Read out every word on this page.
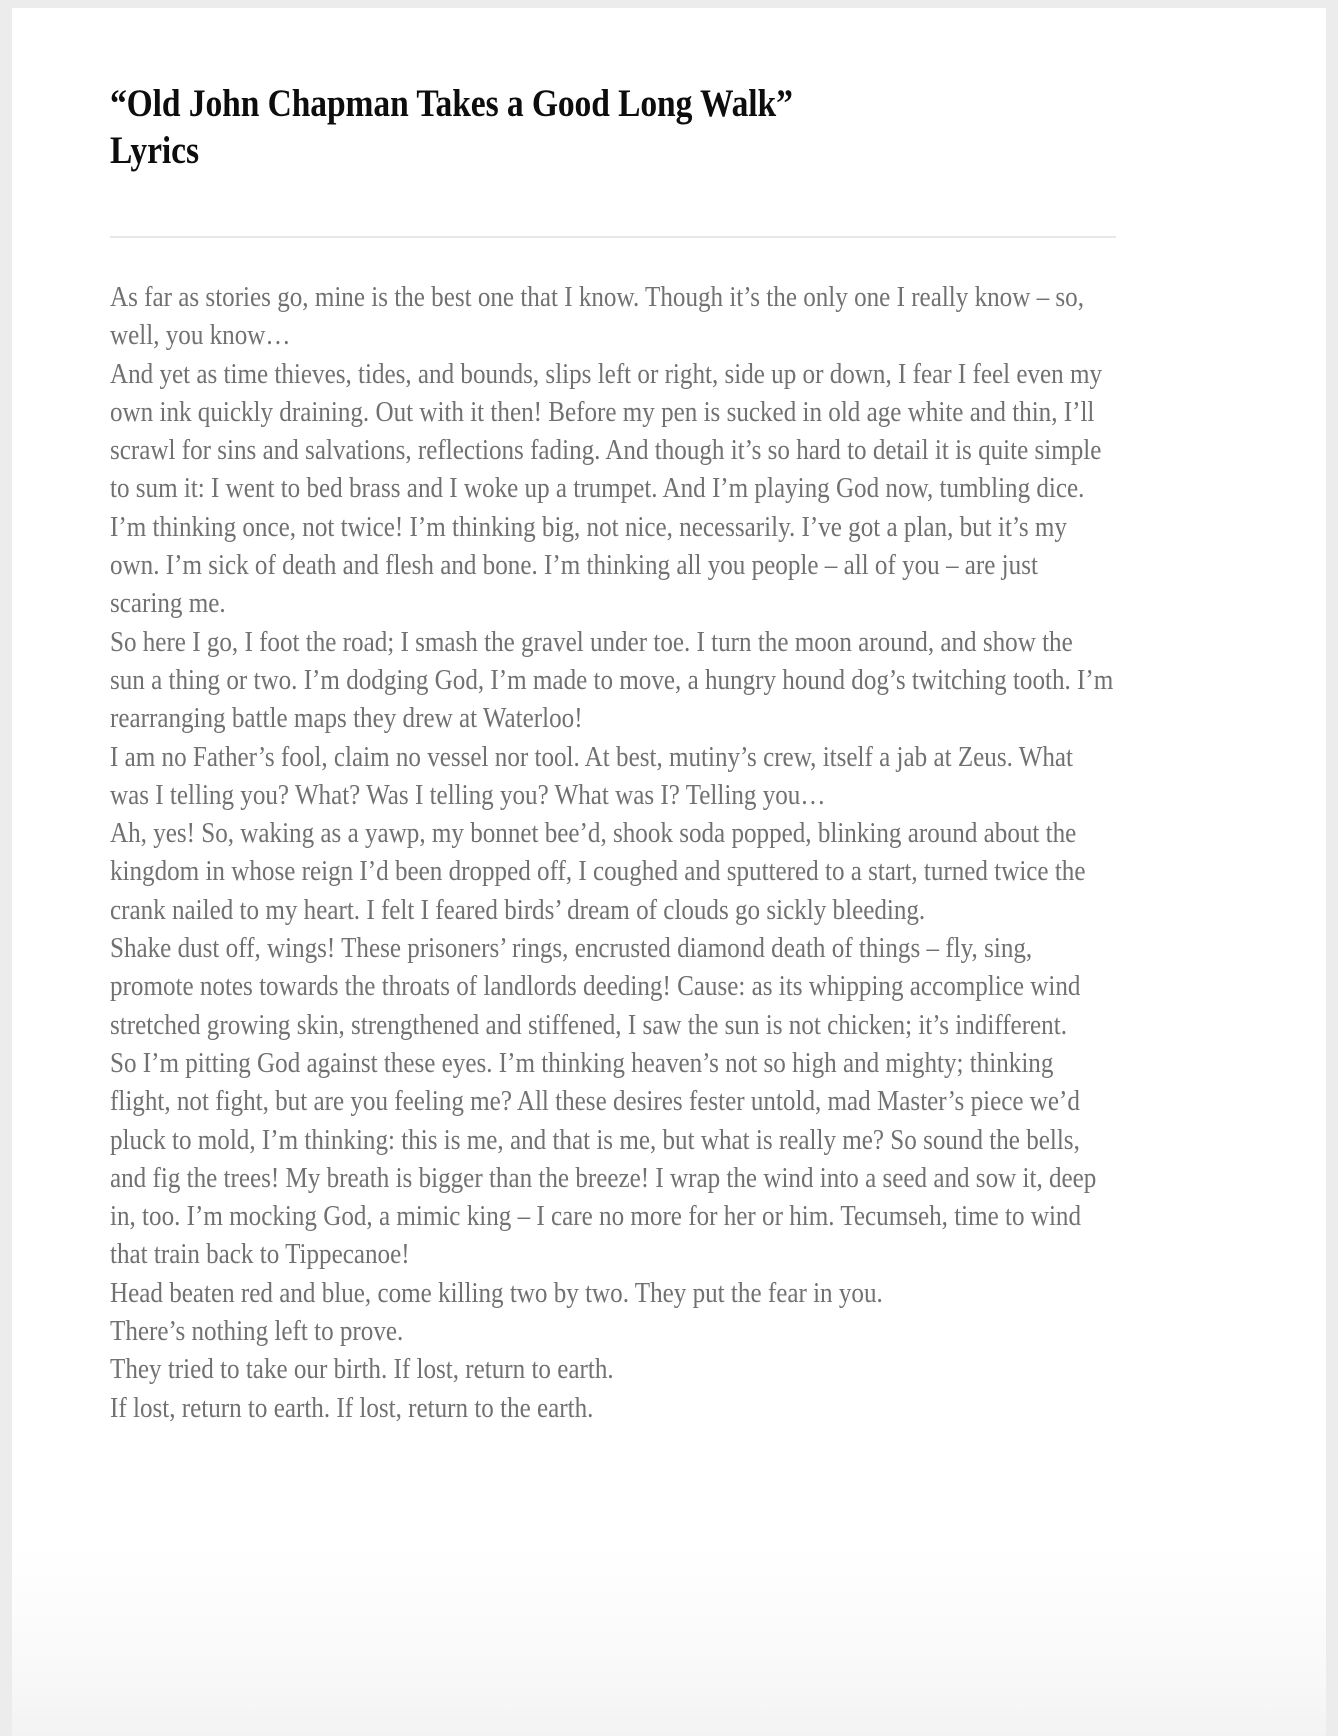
“Old John Chapman Takes a Good Long Walk”
Lyrics

As far as stories go, mine is the best one that I know. Though it’s the only one I really know – so, well, you know…

And yet as time thieves, tides, and bounds, slips left or right, side up or down, I fear I feel even my own ink quickly draining. Out with it then! Before my pen is sucked in old age white and thin, I’ll scrawl for sins and salvations, reflections fading. And though it’s so hard to detail it is quite simple to sum it: I went to bed brass and I woke up a trumpet. And I’m playing God now, tumbling dice. I’m thinking once, not twice! I’m thinking big, not nice, necessarily. I’ve got a plan, but it’s my own. I’m sick of death and flesh and bone. I’m thinking all you people – all of you – are just scaring me.

So here I go, I foot the road; I smash the gravel under toe. I turn the moon around, and show the sun a thing or two. I’m dodging God, I’m made to move, a hungry hound dog’s twitching tooth. I’m rearranging battle maps they drew at Waterloo!

I am no Father’s fool, claim no vessel nor tool. At best, mutiny’s crew, itself a jab at Zeus. What was I telling you? What? Was I telling you? What was I? Telling you…

Ah, yes! So, waking as a yawp, my bonnet bee’d, shook soda popped, blinking around about the kingdom in whose reign I’d been dropped off, I coughed and sputtered to a start, turned twice the crank nailed to my heart. I felt I feared birds’ dream of clouds go sickly bleeding.

Shake dust off, wings! These prisoners’ rings, encrusted diamond death of things – fly, sing, promote notes towards the throats of landlords deeding! Cause: as its whipping accomplice wind stretched growing skin, strengthened and stiffened, I saw the sun is not chicken; it’s indifferent.

So I’m pitting God against these eyes. I’m thinking heaven’s not so high and mighty; thinking flight, not fight, but are you feeling me? All these desires fester untold, mad Master’s piece we’d pluck to mold, I’m thinking: this is me, and that is me, but what is really me? So sound the bells, and fig the trees! My breath is bigger than the breeze! I wrap the wind into a seed and sow it, deep in, too. I’m mocking God, a mimic king – I care no more for her or him. Tecumseh, time to wind that train back to Tippecanoe!

Head beaten red and blue, come killing two by two. They put the fear in you.

There’s nothing left to prove.

They tried to take our birth. If lost, return to earth.

If lost, return to earth. If lost, return to the earth.
